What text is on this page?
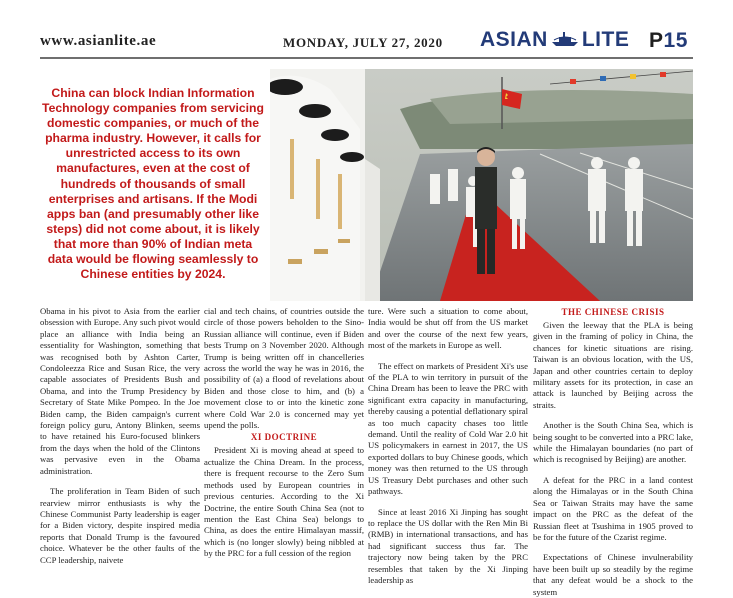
www.asianlite.ae	MONDAY, JULY 27, 2020 ASIAN LITE P15
China can block Indian Information Technology companies from servicing domestic companies, or much of the pharma industry. However, it calls for unrestricted access to its own manufactures, even at the cost of hundreds of thousands of small enterprises and artisans. If the Modi apps ban (and presumably other like steps) did not come about, it is likely that more than 90% of Indian meta data would be flowing seamlessly to Chinese entities by 2024.

Obama in his pivot to Asia from the earlier obsession with Europe. Any such pivot would place an alliance with India being an essentiality for Washington, something that was recognised both by Ashton Carter, Condoleezza Rice and Susan Rice, the very capable associates of Presidents Bush and Obama, and into the Trump Presidency by Secretary of State Mike Pompeo. In the Joe Biden camp, the Biden campaign's current foreign policy guru, Antony Blinken, seems to have retained his Euro-focused blinkers from the days when the hold of the Clintons was pervasive even in the Obama administration.

The proliferation in Team Biden of such rearview mirror enthusiasts is why the Chinese Communist Party leadership is eager for a Biden victory, despite inspired media reports that Donald Trump is the favoured choice. Whatever be the other faults of the CCP leadership, naivete

cial and tech chains, of countries outside the circle of those powers beholden to the Sino-Russian alliance will continue, even if Biden bests Trump on 3 November 2020. Although Trump is being written off in chancelleries across the world the way he was in 2016, the possibility of (a) a flood of revelations about Biden and those close to him, and (b) a movement close to or into the kinetic zone where Cold War 2.0 is concerned may yet upend the polls.

XI DOCTRINE

President Xi is moving ahead at speed to actualize the China Dream. In the process, there is frequent recourse to the Zero Sum methods used by European countries in previous centuries. According to the Xi Doctrine, the entire South China Sea (not to mention the East China Sea) belongs to China, as does the entire Himalayan massif, which is (no longer slowly) being nibbled at by the PRC for a full cession of the region

ture. Were such a situation to come about, India would be shut off from the US market and over the course of the next few years, most of the markets in Europe as well.

The effect on markets of President Xi's use of the PLA to win territory in pursuit of the China Dream has been to leave the PRC with significant extra capacity in manufacturing, thereby causing a potential deflationary spiral as too much capacity chases too little demand. Until the reality of Cold War 2.0 hit US policymakers in earnest in 2017, the US exported dollars to buy Chinese goods, which money was then returned to the US through US Treasury Debt purchases and other such pathways.

Since at least 2016 Xi Jinping has sought to replace the US dollar with the Ren Min Bi (RMB) in international transactions, and has had significant success thus far. The trajectory now being taken by the PRC resembles that taken by the Xi Jinping leadership as

THE CHINESE CRISIS

Given the leeway that the PLA is being given in the framing of policy in China, the chances for kinetic situations are rising. Taiwan is an obvious location, with the US, Japan and other countries certain to deploy military assets for its protection, in case an attack is launched by Beijing across the straits.

Another is the South China Sea, which is being sought to be converted into a PRC lake, while the Himalayan boundaries (no part of which is recognised by Beijing) are another.

A defeat for the PRC in a land contest along the Himalayas or in the South China Sea or Taiwan Straits may have the same impact on the PRC as the defeat of the Russian fleet at Tsushima in 1905 proved to be for the future of the Czarist regime.

Expectations of Chinese invulnerability have been built up so steadily by the regime that any defeat would be a shock to the system
